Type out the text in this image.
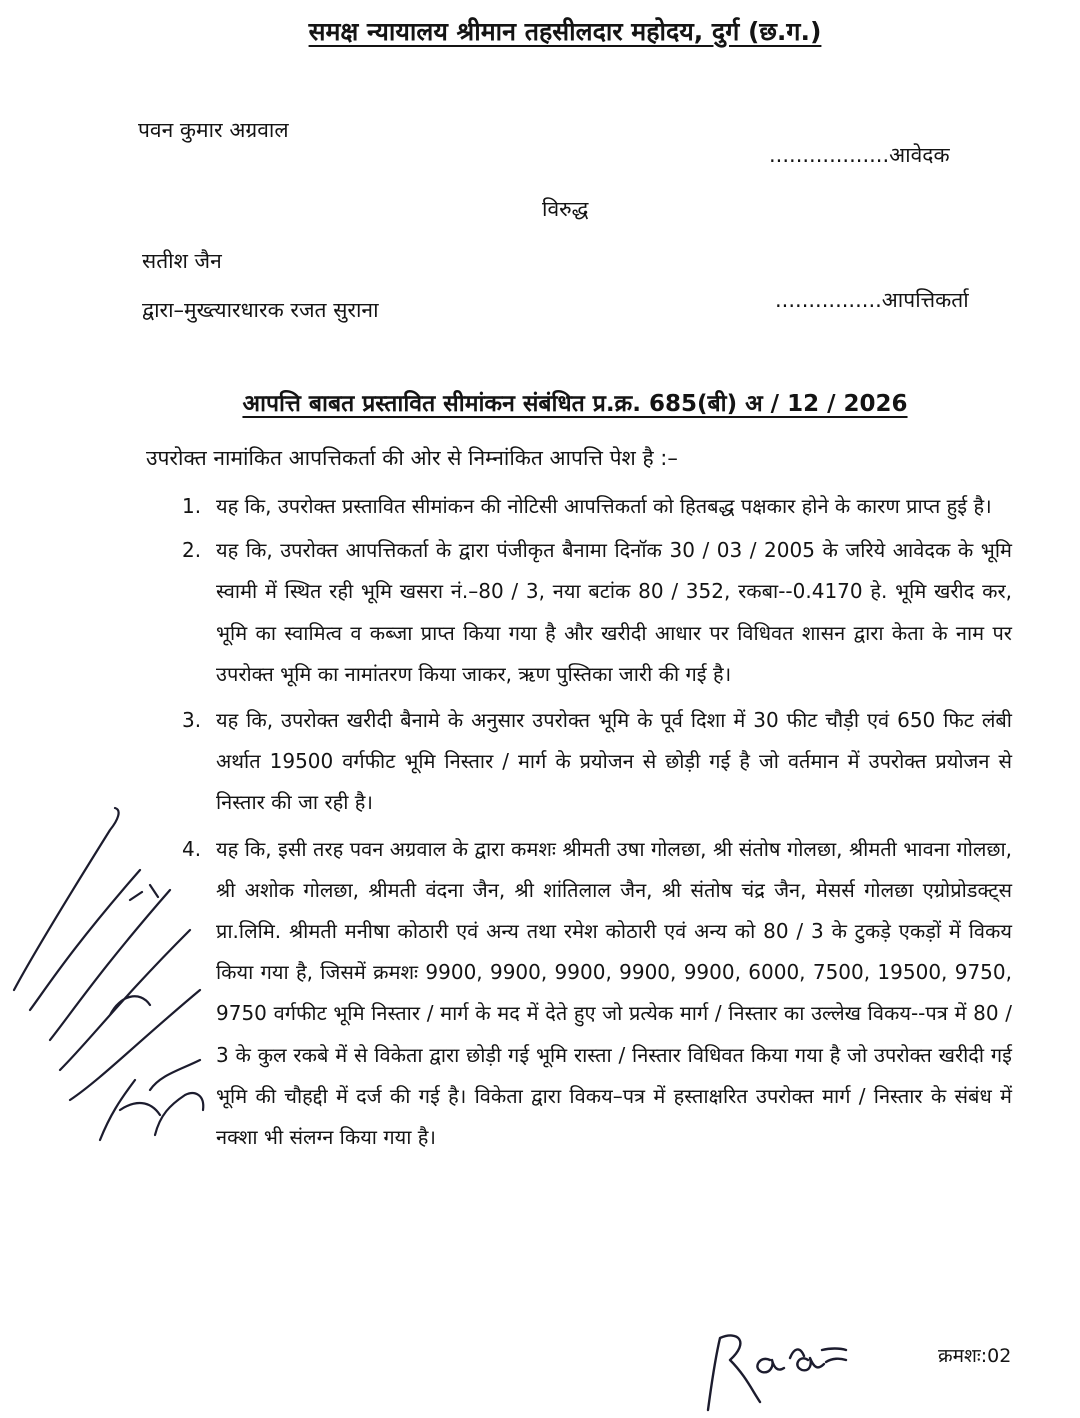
समक्ष न्यायालय श्रीमान तहसीलदार महोदय, दुर्ग (छ.ग.)
पवन कुमार अग्रवाल
..................आवेदक
विरुद्ध
सतीश जैन
द्वारा–मुख्त्यारधारक रजत सुराना	................आपत्तिकर्ता
आपत्ति बाबत प्रस्तावित सीमांकन संबंधित प्र.क्र. 685(बी) अ / 12 / 2026
उपरोक्त नामांकित आपत्तिकर्ता की ओर से निम्नांकित आपत्ति पेश है :–
1. यह कि, उपरोक्त प्रस्तावित सीमांकन की नोटिसी आपत्तिकर्ता को हितबद्ध पक्षकार होने के कारण प्राप्त हुई है।
2. यह कि, उपरोक्त आपत्तिकर्ता के द्वारा पंजीकृत बैनामा दिनॉक 30 / 03 / 2005 के जरिये आवेदक के भूमि स्वामी में स्थित रही भूमि खसरा नं.–80 / 3, नया बटांक 80 / 352, रकबा--0.4170 हे. भूमि खरीद कर, भूमि का स्वामित्व व कब्जा प्राप्त किया गया है और खरीदी आधार पर विधिवत शासन द्वारा केता के नाम पर उपरोक्त भूमि का नामांतरण किया जाकर, ऋण पुस्तिका जारी की गई है।
3. यह कि, उपरोक्त खरीदी बैनामे के अनुसार उपरोक्त भूमि के पूर्व दिशा में 30 फीट चौड़ी एवं 650 फिट लंबी अर्थात 19500 वर्गफीट भूमि निस्तार / मार्ग के प्रयोजन से छोड़ी गई है जो वर्तमान में उपरोक्त प्रयोजन से निस्तार की जा रही है।
4. यह कि, इसी तरह पवन अग्रवाल के द्वारा कमशः श्रीमती उषा गोलछा, श्री संतोष गोलछा, श्रीमती भावना गोलछा, श्री अशोक गोलछा, श्रीमती वंदना जैन, श्री शांतिलाल जैन, श्री संतोष चंद्र जैन, मेसर्स गोलछा एग्रोप्रोडक्ट्स प्रा.लिमि. श्रीमती मनीषा कोठारी एवं अन्य तथा रमेश कोठारी एवं अन्य को 80 / 3 के टुकड़े एकड़ों में विकय किया गया है, जिसमें क्रमशः 9900, 9900, 9900, 9900, 9900, 6000, 7500, 19500, 9750, 9750 वर्गफीट भूमि निस्तार / मार्ग के मद में देते हुए जो प्रत्येक मार्ग / निस्तार का उल्लेख विकय--पत्र में 80 / 3 के कुल रकबे में से विकेता द्वारा छोड़ी गई भूमि रास्ता / निस्तार विधिवत किया गया है जो उपरोक्त खरीदी गई भूमि की चौहद्दी में दर्ज की गई है। विकेता द्वारा विकय–पत्र में हस्ताक्षरित उपरोक्त मार्ग / निस्तार के संबंध में नक्शा भी संलग्न किया गया है।
क्रमशः:02
